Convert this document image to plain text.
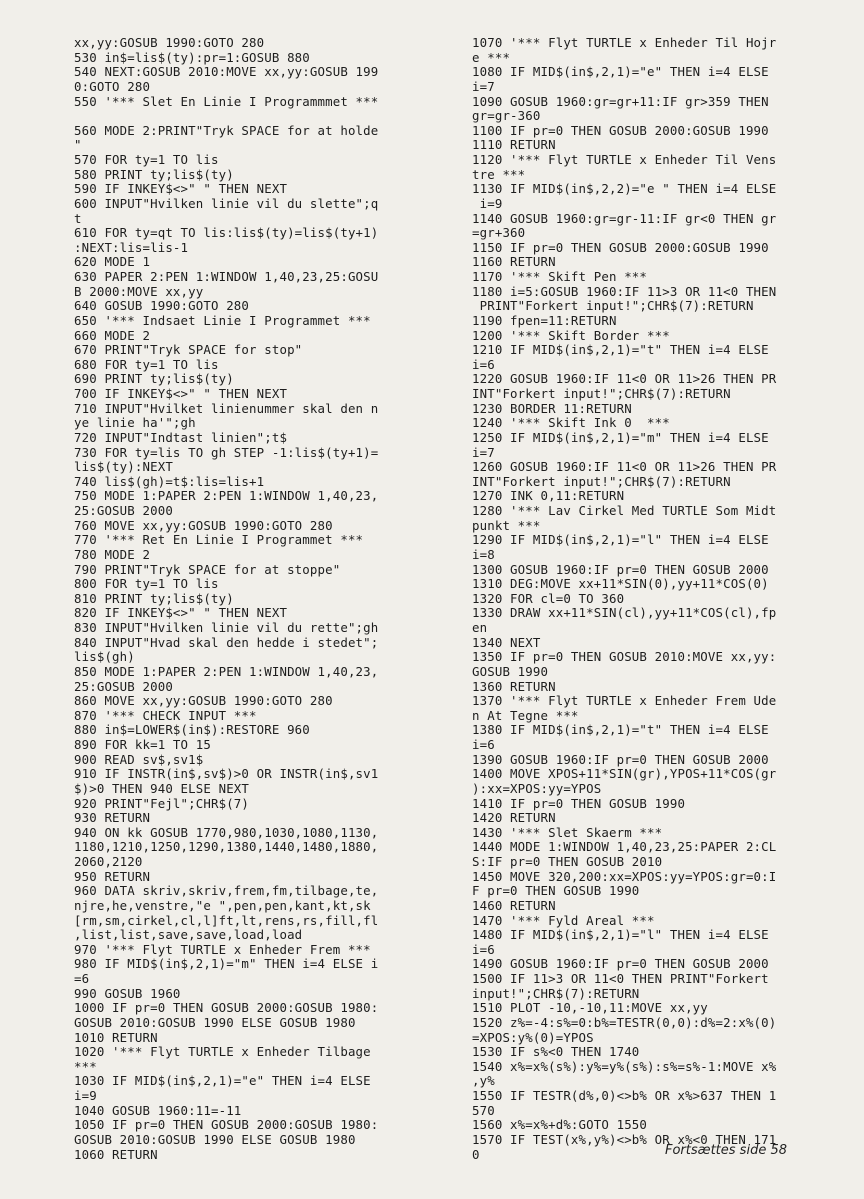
xx,yy:GOSUB 1990:GOTO 280
530 in$=lis$(ty):pr=1:GOSUB 880
540 NEXT:GOSUB 2010:MOVE xx,yy:GOSUB 199
0:GOTO 280
550 '*** Slet En Linie I Programmmet ***

560 MODE 2:PRINT"Tryk SPACE for at holde
"
570 FOR ty=1 TO lis
580 PRINT ty;lis$(ty)
590 IF INKEY$<>" " THEN NEXT
600 INPUT"Hvilken linie vil du slette";q
t
610 FOR ty=qt TO lis:lis$(ty)=lis$(ty+1)
:NEXT:lis=lis-1
620 MODE 1
630 PAPER 2:PEN 1:WINDOW 1,40,23,25:GOSU
B 2000:MOVE xx,yy
640 GOSUB 1990:GOTO 280
650 '*** Indsaet Linie I Programmet ***
660 MODE 2
670 PRINT"Tryk SPACE for stop"
680 FOR ty=1 TO lis
690 PRINT ty;lis$(ty)
700 IF INKEY$<>" " THEN NEXT
710 INPUT"Hvilket linienummer skal den n
ye linie ha'";gh
720 INPUT"Indtast linien";t$
730 FOR ty=lis TO gh STEP -1:lis$(ty+1)=
lis$(ty):NEXT
740 lis$(gh)=t$:lis=lis+1
750 MODE 1:PAPER 2:PEN 1:WINDOW 1,40,23,
25:GOSUB 2000
760 MOVE xx,yy:GOSUB 1990:GOTO 280
770 '*** Ret En Linie I Programmet ***
780 MODE 2
790 PRINT"Tryk SPACE for at stoppe"
800 FOR ty=1 TO lis
810 PRINT ty;lis$(ty)
820 IF INKEY$<>" " THEN NEXT
830 INPUT"Hvilken linie vil du rette";gh
840 INPUT"Hvad skal den hedde i stedet";
lis$(gh)
850 MODE 1:PAPER 2:PEN 1:WINDOW 1,40,23,
25:GOSUB 2000
860 MOVE xx,yy:GOSUB 1990:GOTO 280
870 '*** CHECK INPUT ***
880 in$=LOWER$(in$):RESTORE 960
890 FOR kk=1 TO 15
900 READ sv$,sv1$
910 IF INSTR(in$,sv$)>0 OR INSTR(in$,sv1
$)>0 THEN 940 ELSE NEXT
920 PRINT"Fejl";CHR$(7)
930 RETURN
940 ON kk GOSUB 1770,980,1030,1080,1130,
1180,1210,1250,1290,1380,1440,1480,1880,
2060,2120
950 RETURN
960 DATA skriv,skriv,frem,fm,tilbage,te,
njre,he,venstre,"e ",pen,pen,kant,kt,sk
[rm,sm,cirkel,cl,l]ft,lt,rens,rs,fill,fl
,list,list,save,save,load,load
970 '*** Flyt TURTLE x Enheder Frem ***
980 IF MID$(in$,2,1)="m" THEN i=4 ELSE i
=6
990 GOSUB 1960
1000 IF pr=0 THEN GOSUB 2000:GOSUB 1980:
GOSUB 2010:GOSUB 1990 ELSE GOSUB 1980
1010 RETURN
1020 '*** Flyt TURTLE x Enheder Tilbage
***
1030 IF MID$(in$,2,1)="e" THEN i=4 ELSE
i=9
1040 GOSUB 1960:11=-11
1050 IF pr=0 THEN GOSUB 2000:GOSUB 1980:
GOSUB 2010:GOSUB 1990 ELSE GOSUB 1980
1060 RETURN
1070 '*** Flyt TURTLE x Enheder Til Hojr
e ***
1080 IF MID$(in$,2,1)="e" THEN i=4 ELSE
i=7
1090 GOSUB 1960:gr=gr+11:IF gr>359 THEN
gr=gr-360
1100 IF pr=0 THEN GOSUB 2000:GOSUB 1990
1110 RETURN
1120 '*** Flyt TURTLE x Enheder Til Vens
tre ***
1130 IF MID$(in$,2,2)="e " THEN i=4 ELSE
i=9
1140 GOSUB 1960:gr=gr-11:IF gr<0 THEN gr
=gr+360
1150 IF pr=0 THEN GOSUB 2000:GOSUB 1990
1160 RETURN
1170 '*** Skift Pen ***
1180 i=5:GOSUB 1960:IF 11>3 OR 11<0 THEN
PRINT"Forkert input!";CHR$(7):RETURN
1190 fpen=11:RETURN
1200 '*** Skift Border ***
1210 IF MID$(in$,2,1)="t" THEN i=4 ELSE
i=6
1220 GOSUB 1960:IF 11<0 OR 11>26 THEN PR
INT"Forkert input!";CHR$(7):RETURN
1230 BORDER 11:RETURN
1240 '*** Skift Ink 0  ***
1250 IF MID$(in$,2,1)="m" THEN i=4 ELSE
i=7
1260 GOSUB 1960:IF 11<0 OR 11>26 THEN PR
INT"Forkert input!";CHR$(7):RETURN
1270 INK 0,11:RETURN
1280 '*** Lav Cirkel Med TURTLE Som Midt
punkt ***
1290 IF MID$(in$,2,1)="l" THEN i=4 ELSE
i=8
1300 GOSUB 1960:IF pr=0 THEN GOSUB 2000
1310 DEG:MOVE xx+11*SIN(0),yy+11*COS(0)
1320 FOR cl=0 TO 360
1330 DRAW xx+11*SIN(cl),yy+11*COS(cl),fp
en
1340 NEXT
1350 IF pr=0 THEN GOSUB 2010:MOVE xx,yy:
GOSUB 1990
1360 RETURN
1370 '*** Flyt TURTLE x Enheder Frem Ude
n At Tegne ***
1380 IF MID$(in$,2,1)="t" THEN i=4 ELSE
i=6
1390 GOSUB 1960:IF pr=0 THEN GOSUB 2000
1400 MOVE XPOS+11*SIN(gr),YPOS+11*COS(gr
):xx=XPOS:yy=YPOS
1410 IF pr=0 THEN GOSUB 1990
1420 RETURN
1430 '*** Slet Skaerm ***
1440 MODE 1:WINDOW 1,40,23,25:PAPER 2:CL
S:IF pr=0 THEN GOSUB 2010
1450 MOVE 320,200:xx=XPOS:yy=YPOS:gr=0:I
F pr=0 THEN GOSUB 1990
1460 RETURN
1470 '*** Fyld Areal ***
1480 IF MID$(in$,2,1)="l" THEN i=4 ELSE
i=6
1490 GOSUB 1960:IF pr=0 THEN GOSUB 2000
1500 IF 11>3 OR 11<0 THEN PRINT"Forkert
input!";CHR$(7):RETURN
1510 PLOT -10,-10,11:MOVE xx,yy
1520 z%=-4:s%=0:b%=TESTR(0,0):d%=2:x%(0)
=XPOS:y%(0)=YPOS
1530 IF s%<0 THEN 1740
1540 x%=x%(s%):y%=y%(s%):s%=s%-1:MOVE x%
,y%
1550 IF TESTR(d%,0)<>b% OR x%>637 THEN 1
570
1560 x%=x%+d%:GOTO 1550
1570 IF TEST(x%,y%)<>b% OR x%<0 THEN 171
0	Fortsættes side 58
